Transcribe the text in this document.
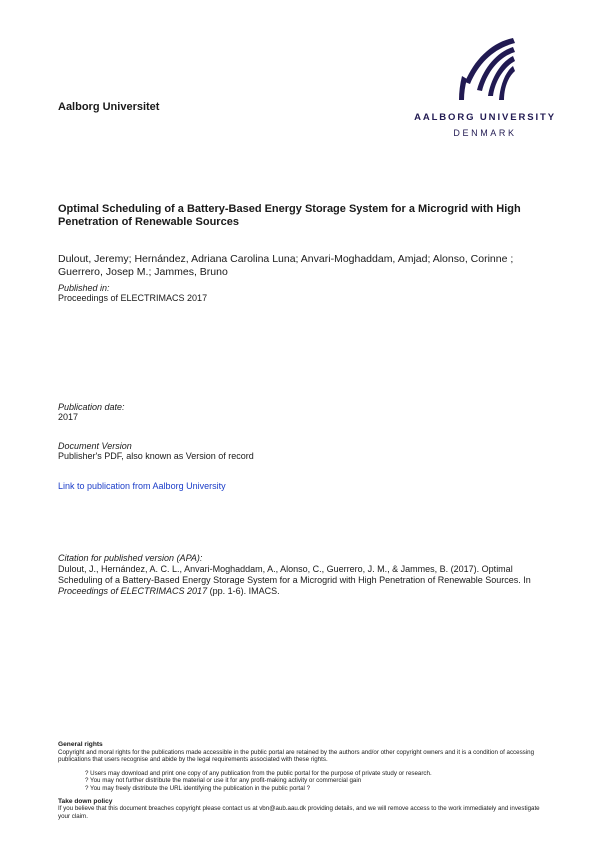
Aalborg Universitet
AALBORG UNIVERSITY
DENMARK
Optimal Scheduling of a Battery-Based Energy Storage System for a Microgrid with High Penetration of Renewable Sources
Dulout, Jeremy; Hernández, Adriana Carolina Luna; Anvari-Moghaddam, Amjad; Alonso, Corinne ; Guerrero, Josep M.; Jammes, Bruno
Published in:
Proceedings of ELECTRIMACS 2017
Publication date:
2017
Document Version
Publisher's PDF, also known as Version of record
Link to publication from Aalborg University
Citation for published version (APA):
Dulout, J., Hernández, A. C. L., Anvari-Moghaddam, A., Alonso, C., Guerrero, J. M., & Jammes, B. (2017). Optimal Scheduling of a Battery-Based Energy Storage System for a Microgrid with High Penetration of Renewable Sources. In Proceedings of ELECTRIMACS 2017 (pp. 1-6). IMACS.
General rights
Copyright and moral rights for the publications made accessible in the public portal are retained by the authors and/or other copyright owners and it is a condition of accessing publications that users recognise and abide by the legal requirements associated with these rights.
? Users may download and print one copy of any publication from the public portal for the purpose of private study or research.
? You may not further distribute the material or use it for any profit-making activity or commercial gain
? You may freely distribute the URL identifying the publication in the public portal ?
Take down policy
If you believe that this document breaches copyright please contact us at vbn@aub.aau.dk providing details, and we will remove access to the work immediately and investigate your claim.
